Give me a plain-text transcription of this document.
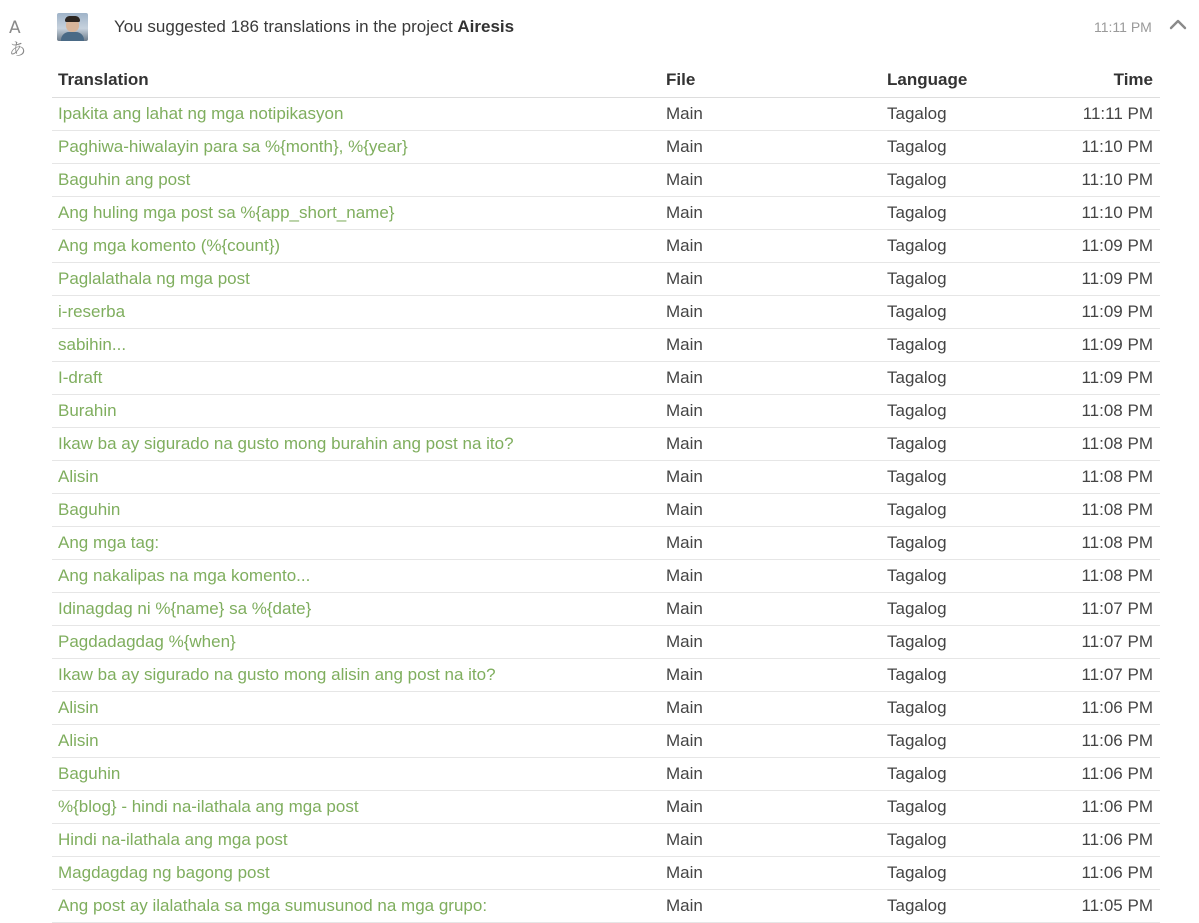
Aあ
You suggested 186 translations in the project Airesis	11:11 PM
Translation	File	Language	Time
Ipakita ang lahat ng mga notipikasyon	Main	Tagalog	11:11 PM
Paghiwa-hiwalayin para sa %{month}, %{year}	Main	Tagalog	11:10 PM
Baguhin ang post	Main	Tagalog	11:10 PM
Ang huling mga post sa %{app_short_name}	Main	Tagalog	11:10 PM
Ang mga komento (%{count})	Main	Tagalog	11:09 PM
Paglalathala ng mga post	Main	Tagalog	11:09 PM
i-reserba	Main	Tagalog	11:09 PM
sabihin...	Main	Tagalog	11:09 PM
I-draft	Main	Tagalog	11:09 PM
Burahin	Main	Tagalog	11:08 PM
Ikaw ba ay sigurado na gusto mong burahin ang post na ito?	Main	Tagalog	11:08 PM
Alisin	Main	Tagalog	11:08 PM
Baguhin	Main	Tagalog	11:08 PM
Ang mga tag:	Main	Tagalog	11:08 PM
Ang nakalipas na mga komento...	Main	Tagalog	11:08 PM
Idinagdag ni %{name} sa %{date}	Main	Tagalog	11:07 PM
Pagdadagdag %{when}	Main	Tagalog	11:07 PM
Ikaw ba ay sigurado na gusto mong alisin ang post na ito?	Main	Tagalog	11:07 PM
Alisin	Main	Tagalog	11:06 PM
Alisin	Main	Tagalog	11:06 PM
Baguhin	Main	Tagalog	11:06 PM
%{blog} - hindi na-ilathala ang mga post	Main	Tagalog	11:06 PM
Hindi na-ilathala ang mga post	Main	Tagalog	11:06 PM
Magdagdag ng bagong post	Main	Tagalog	11:06 PM
Ang post ay ilalathala sa mga sumusunod na mga grupo:	Main	Tagalog	11:05 PM
